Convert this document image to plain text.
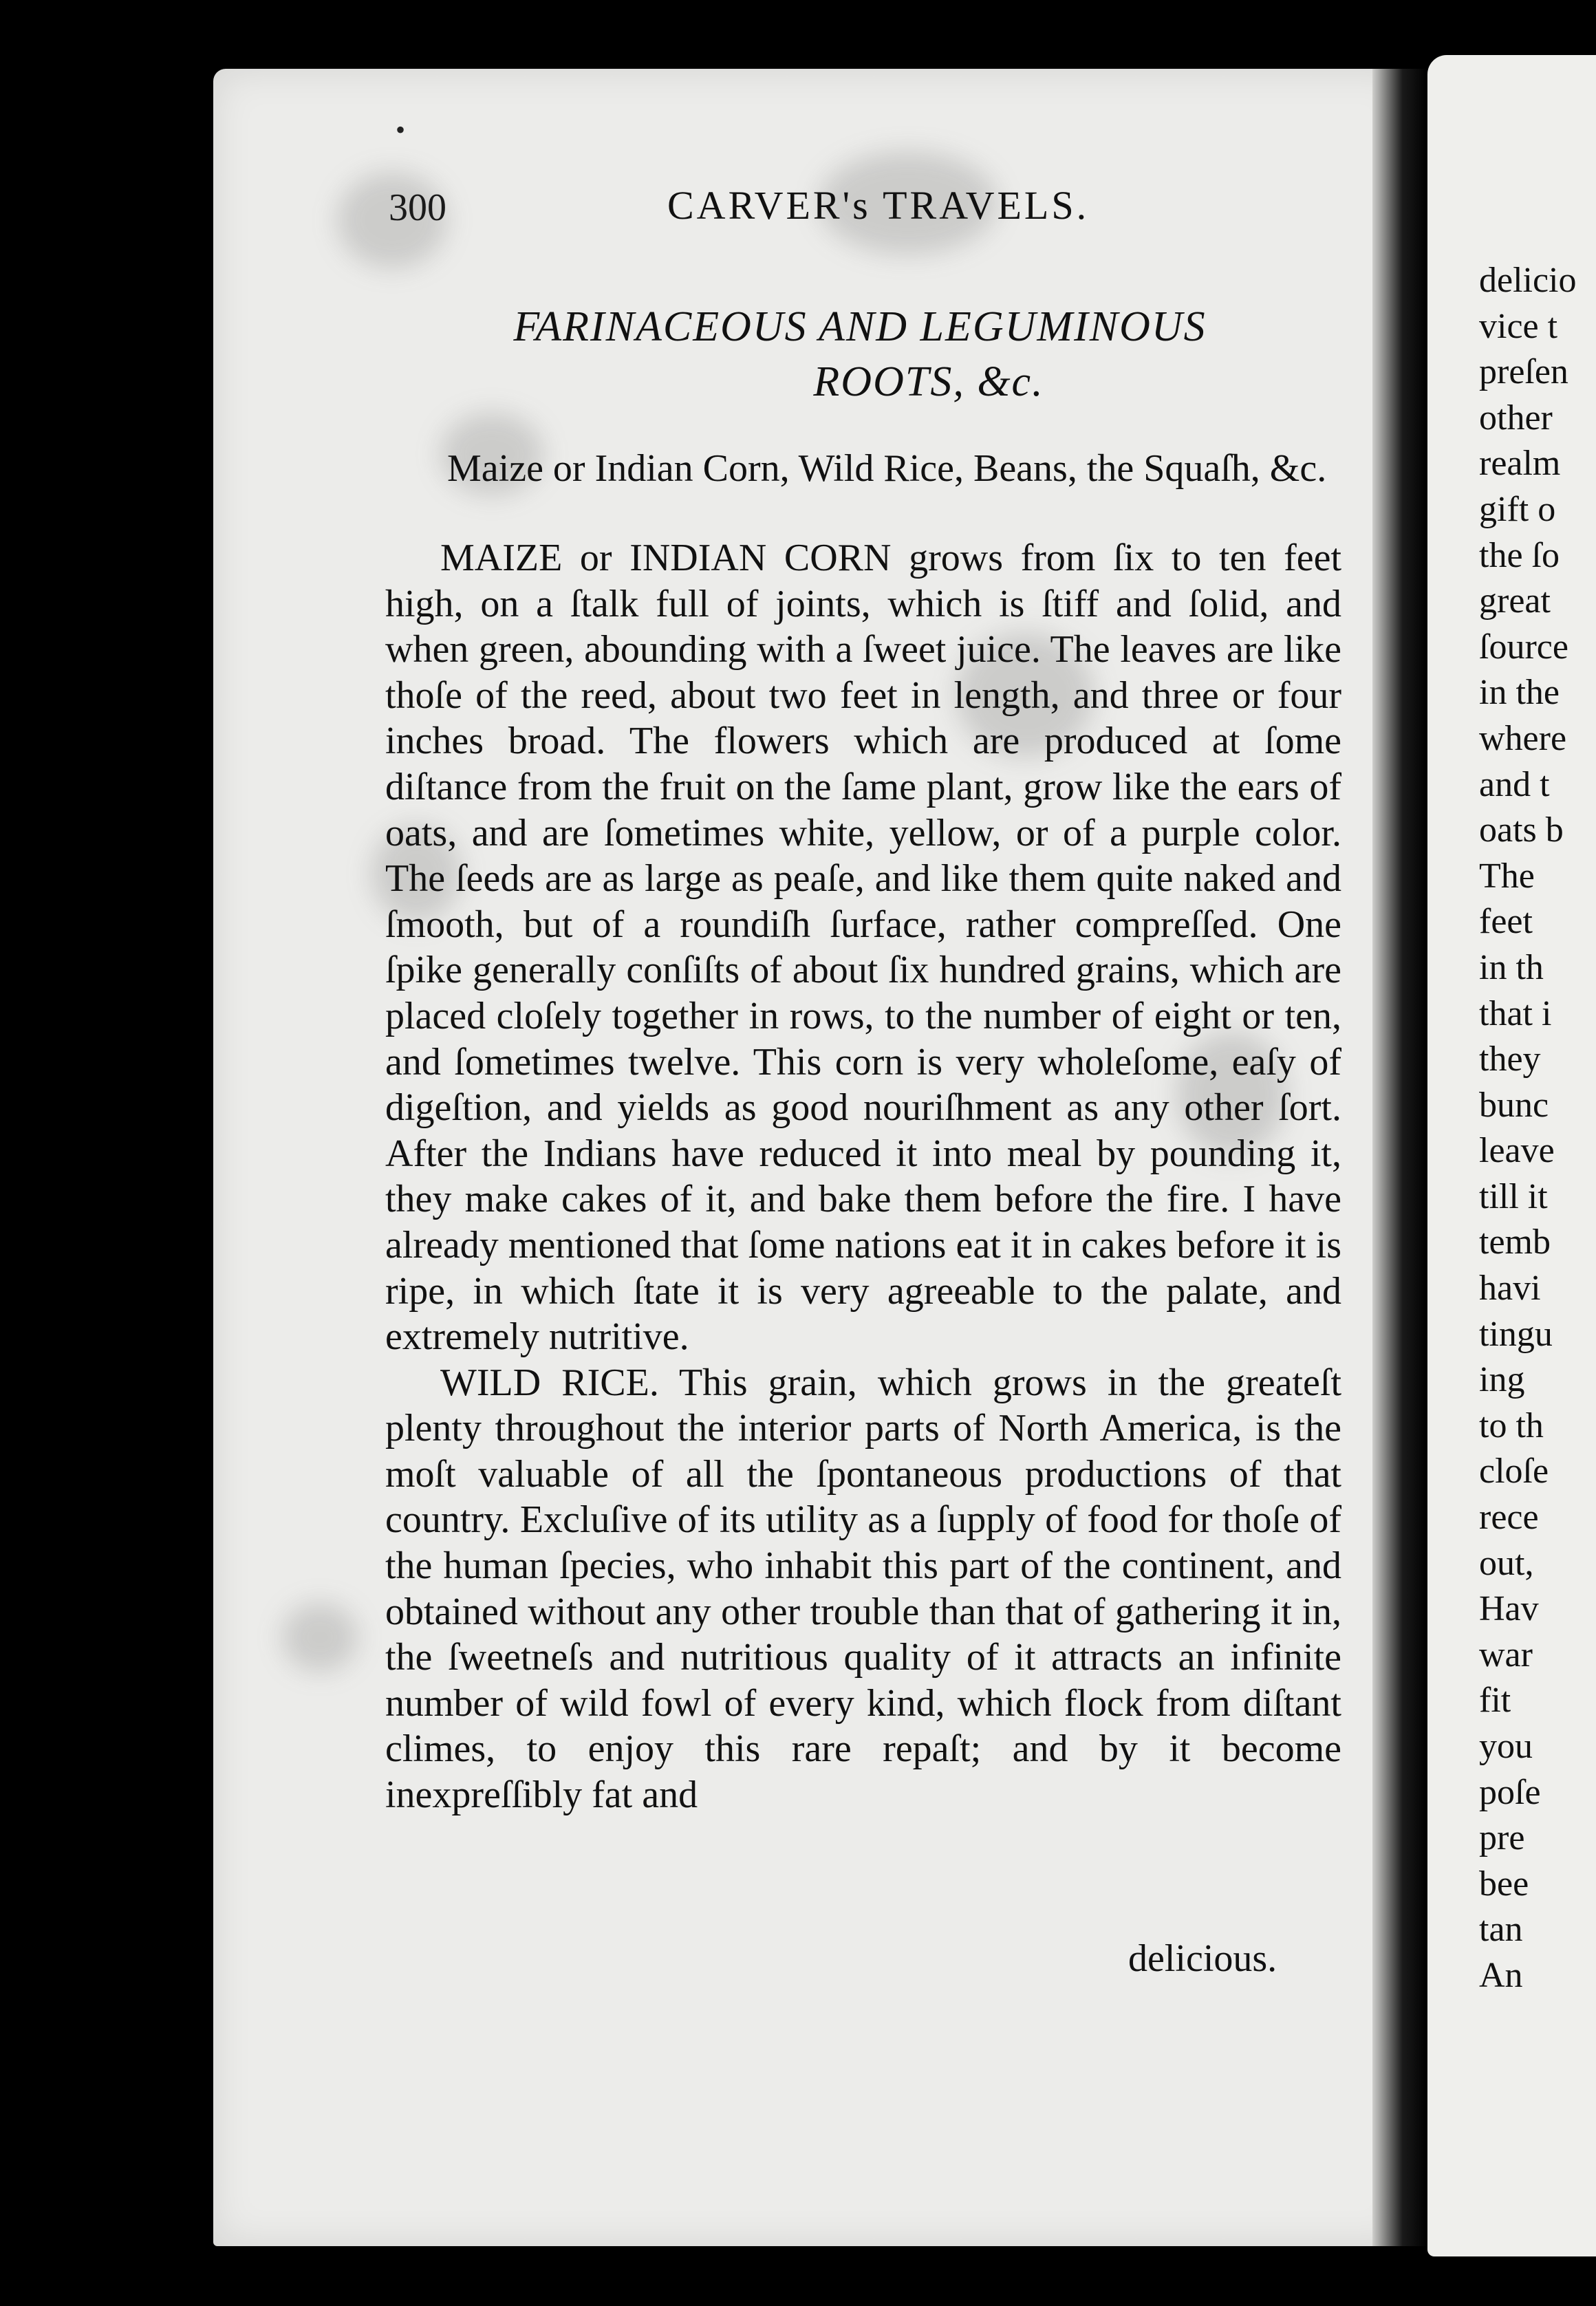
•
300	CARVER's TRAVELS.
FARINACEOUS AND LEGUMINOUS
ROOTS, &c.
Maize or Indian Corn, Wild Rice, Beans, the Squaſh, &c.

MAIZE or INDIAN CORN grows from ſix to ten feet high, on a ſtalk full of joints, which is ſtiff and ſolid, and when green, abounding with a ſweet juice. The leaves are like thoſe of the reed, about two feet in length, and three or four inches broad. The flowers which are produced at ſome diſtance from the fruit on the ſame plant, grow like the ears of oats, and are ſometimes white, yellow, or of a purple color. The ſeeds are as large as peaſe, and like them quite naked and ſmooth, but of a roundiſh ſurface, rather compreſſed. One ſpike generally conſiſts of about ſix hundred grains, which are placed cloſely together in rows, to the number of eight or ten, and ſometimes twelve. This corn is very wholeſome, eaſy of digeſtion, and yields as good nouriſhment as any other ſort. After the Indians have reduced it into meal by pounding it, they make cakes of it, and bake them before the fire. I have already mentioned that ſome nations eat it in cakes before it is ripe, in which ſtate it is very agreeable to the palate, and extremely nutritive.

WILD RICE. This grain, which grows in the greateſt plenty throughout the interior parts of North America, is the moſt valuable of all the ſpontaneous productions of that country. Excluſive of its utility as a ſupply of food for thoſe of the human ſpecies, who inhabit this part of the continent, and obtained without any other trouble than that of gathering it in, the ſweetneſs and nutritious quality of it attracts an infinite number of wild fowl of every kind, which flock from diſtant climes, to enjoy this rare repaſt; and by it become inexpreſſibly fat and

delicious.
delicio
vice t
preſen
other
realm
gift o
the ſo
great
ſource
in the
where
and t
oats b
The
feet
in th
that i
they
bunc
leave
till it
temb
havi
tingu
ing
to th
cloſe
rece
out,
Hav
war
fit
you
poſe
pre
bee
tan
An
